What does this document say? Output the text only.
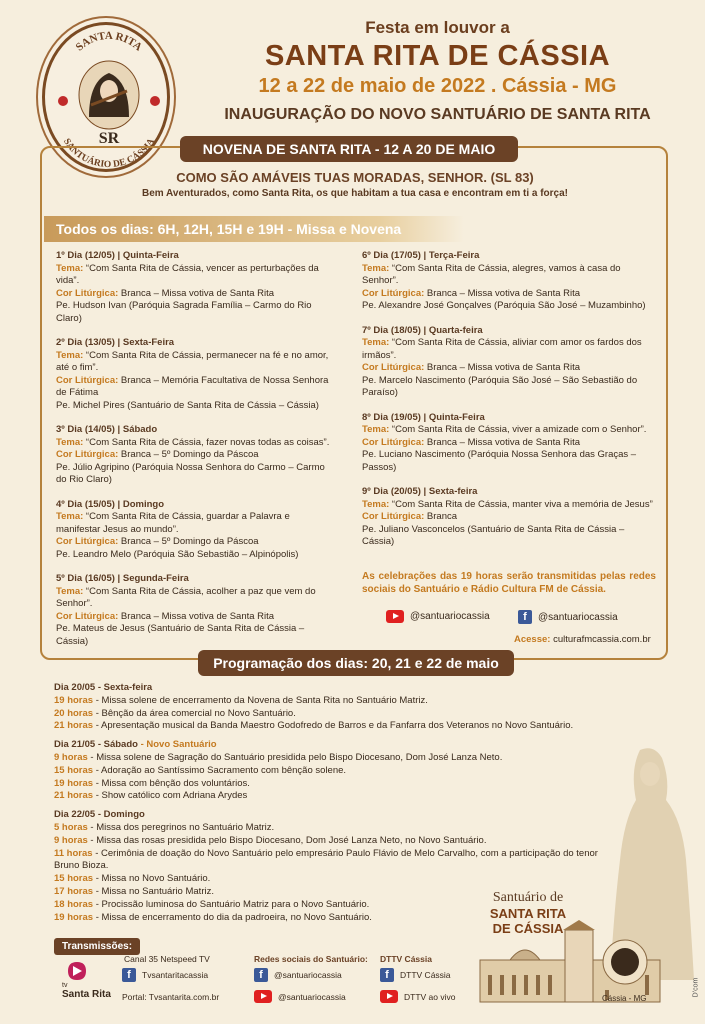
SANTA RITA
SANTUÁRIO DE CÁSSIA
SR
Festa em louvor a
SANTA RITA DE CÁSSIA
12 a 22 de maio de 2022 . Cássia - MG
INAUGURAÇÃO DO NOVO SANTUÁRIO DE SANTA RITA
NOVENA DE SANTA RITA - 12 A 20 DE MAIO
COMO SÃO AMÁVEIS TUAS MORADAS, SENHOR. (SL 83)
Bem Aventurados, como Santa Rita, os que habitam a tua casa e encontram em ti a força!
Todos os dias: 6H, 12H, 15H e 19H - Missa e Novena
1º Dia (12/05) | Quinta-Feira
Tema: “Com Santa Rita de Cássia, vencer as perturbações da vida”.
Cor Litúrgica: Branca – Missa votiva de Santa Rita
Pe. Hudson Ivan (Paróquia Sagrada Família – Carmo do Rio Claro)
2º Dia (13/05) | Sexta-Feira
Tema: “Com Santa Rita de Cássia, permanecer na fé e no amor, até o fim”.
Cor Litúrgica: Branca – Memória Facultativa de Nossa Senhora de Fátima
Pe. Michel Pires (Santuário de Santa Rita de Cássia – Cássia)
3º Dia (14/05) | Sábado
Tema: “Com Santa Rita de Cássia, fazer novas todas as coisas”.
Cor Litúrgica: Branca – 5º Domingo da Páscoa
Pe. Júlio Agripino (Paróquia Nossa Senhora do Carmo – Carmo do Rio Claro)
4º Dia (15/05) | Domingo
Tema: “Com Santa Rita de Cássia, guardar a Palavra e manifestar Jesus ao mundo”.
Cor Litúrgica: Branca – 5º Domingo da Páscoa
Pe. Leandro Melo (Paróquia São Sebastião – Alpinópolis)
5º Dia (16/05) | Segunda-Feira
Tema: “Com Santa Rita de Cássia, acolher a paz que vem do Senhor”.
Cor Litúrgica: Branca – Missa votiva de Santa Rita
Pe. Mateus de Jesus (Santuário de Santa Rita de Cássia – Cássia)
6º Dia (17/05) | Terça-Feira
Tema: “Com Santa Rita de Cássia, alegres, vamos à casa do Senhor”.
Cor Litúrgica: Branca – Missa votiva de Santa Rita
Pe. Alexandre José Gonçalves (Paróquia São José – Muzambinho)
7º Dia (18/05) | Quarta-feira
Tema: “Com Santa Rita de Cássia, aliviar com amor os fardos dos irmãos”.
Cor Litúrgica: Branca – Missa votiva de Santa Rita
Pe. Marcelo Nascimento (Paróquia São José – São Sebastião do Paraíso)
8º Dia (19/05) | Quinta-Feira
Tema: “Com Santa Rita de Cássia, viver a amizade com o Senhor”.
Cor Litúrgica: Branca – Missa votiva de Santa Rita
Pe. Luciano Nascimento (Paróquia Nossa Senhora das Graças – Passos)
9º Dia (20/05) | Sexta-feira
Tema: “Com Santa Rita de Cássia, manter viva a memória de Jesus”
Cor Litúrgica: Branca
Pe. Juliano Vasconcelos (Santuário de Santa Rita de Cássia – Cássia)
As celebrações das 19 horas serão transmitidas pelas redes sociais do Santuário e Rádio Cultura FM de Cássia.
@santuariocassia	f	@santuariocassia
Acesse: culturafmcassia.com.br
Programação dos dias: 20, 21 e 22 de maio
Dia 20/05 - Sexta-feira
19 horas - Missa solene de encerramento da Novena de Santa Rita no Santuário Matriz.
20 horas - Bênção da área comercial no Novo Santuário.
21 horas - Apresentação musical da Banda Maestro Godofredo de Barros e da Fanfarra dos Veteranos no Novo Santuário.
Dia 21/05 - Sábado - Novo Santuário
9 horas - Missa solene de Sagração do Santuário presidida pelo Bispo Diocesano, Dom José Lanza Neto.
15 horas - Adoração ao Santíssimo Sacramento com bênção solene.
19 horas - Missa com bênção dos voluntários.
21 horas - Show católico com Adriana Arydes
Dia 22/05 - Domingo
5 horas - Missa dos peregrinos no Santuário Matriz.
9 horas - Missa das rosas presidida pelo Bispo Diocesano, Dom José Lanza Neto, no Novo Santuário.
11 horas - Cerimônia de doação do Novo Santuário pelo empresário Paulo Flávio de Melo Carvalho, com a participação do tenor Bruno Bioza.
15 horas - Missa no Novo Santuário.
17 horas - Missa no Santuário Matriz.
18 horas - Procissão luminosa do Santuário Matriz para o Novo Santuário.
19 horas - Missa de encerramento do dia da padroeira, no Novo Santuário.
Santuário de
SANTA RITA
DE CÁSSIA
Cássia - MG
D'com
Transmissões:
tv
Santa Rita
Canal 35 Netspeed TV
f	Tvsantaritacassia
Portal: Tvsantarita.com.br
Redes sociais do Santuário:
f	@santuariocassia
@santuariocassia
DTTV Cássia
f	DTTV Cássia
DTTV ao vivo
